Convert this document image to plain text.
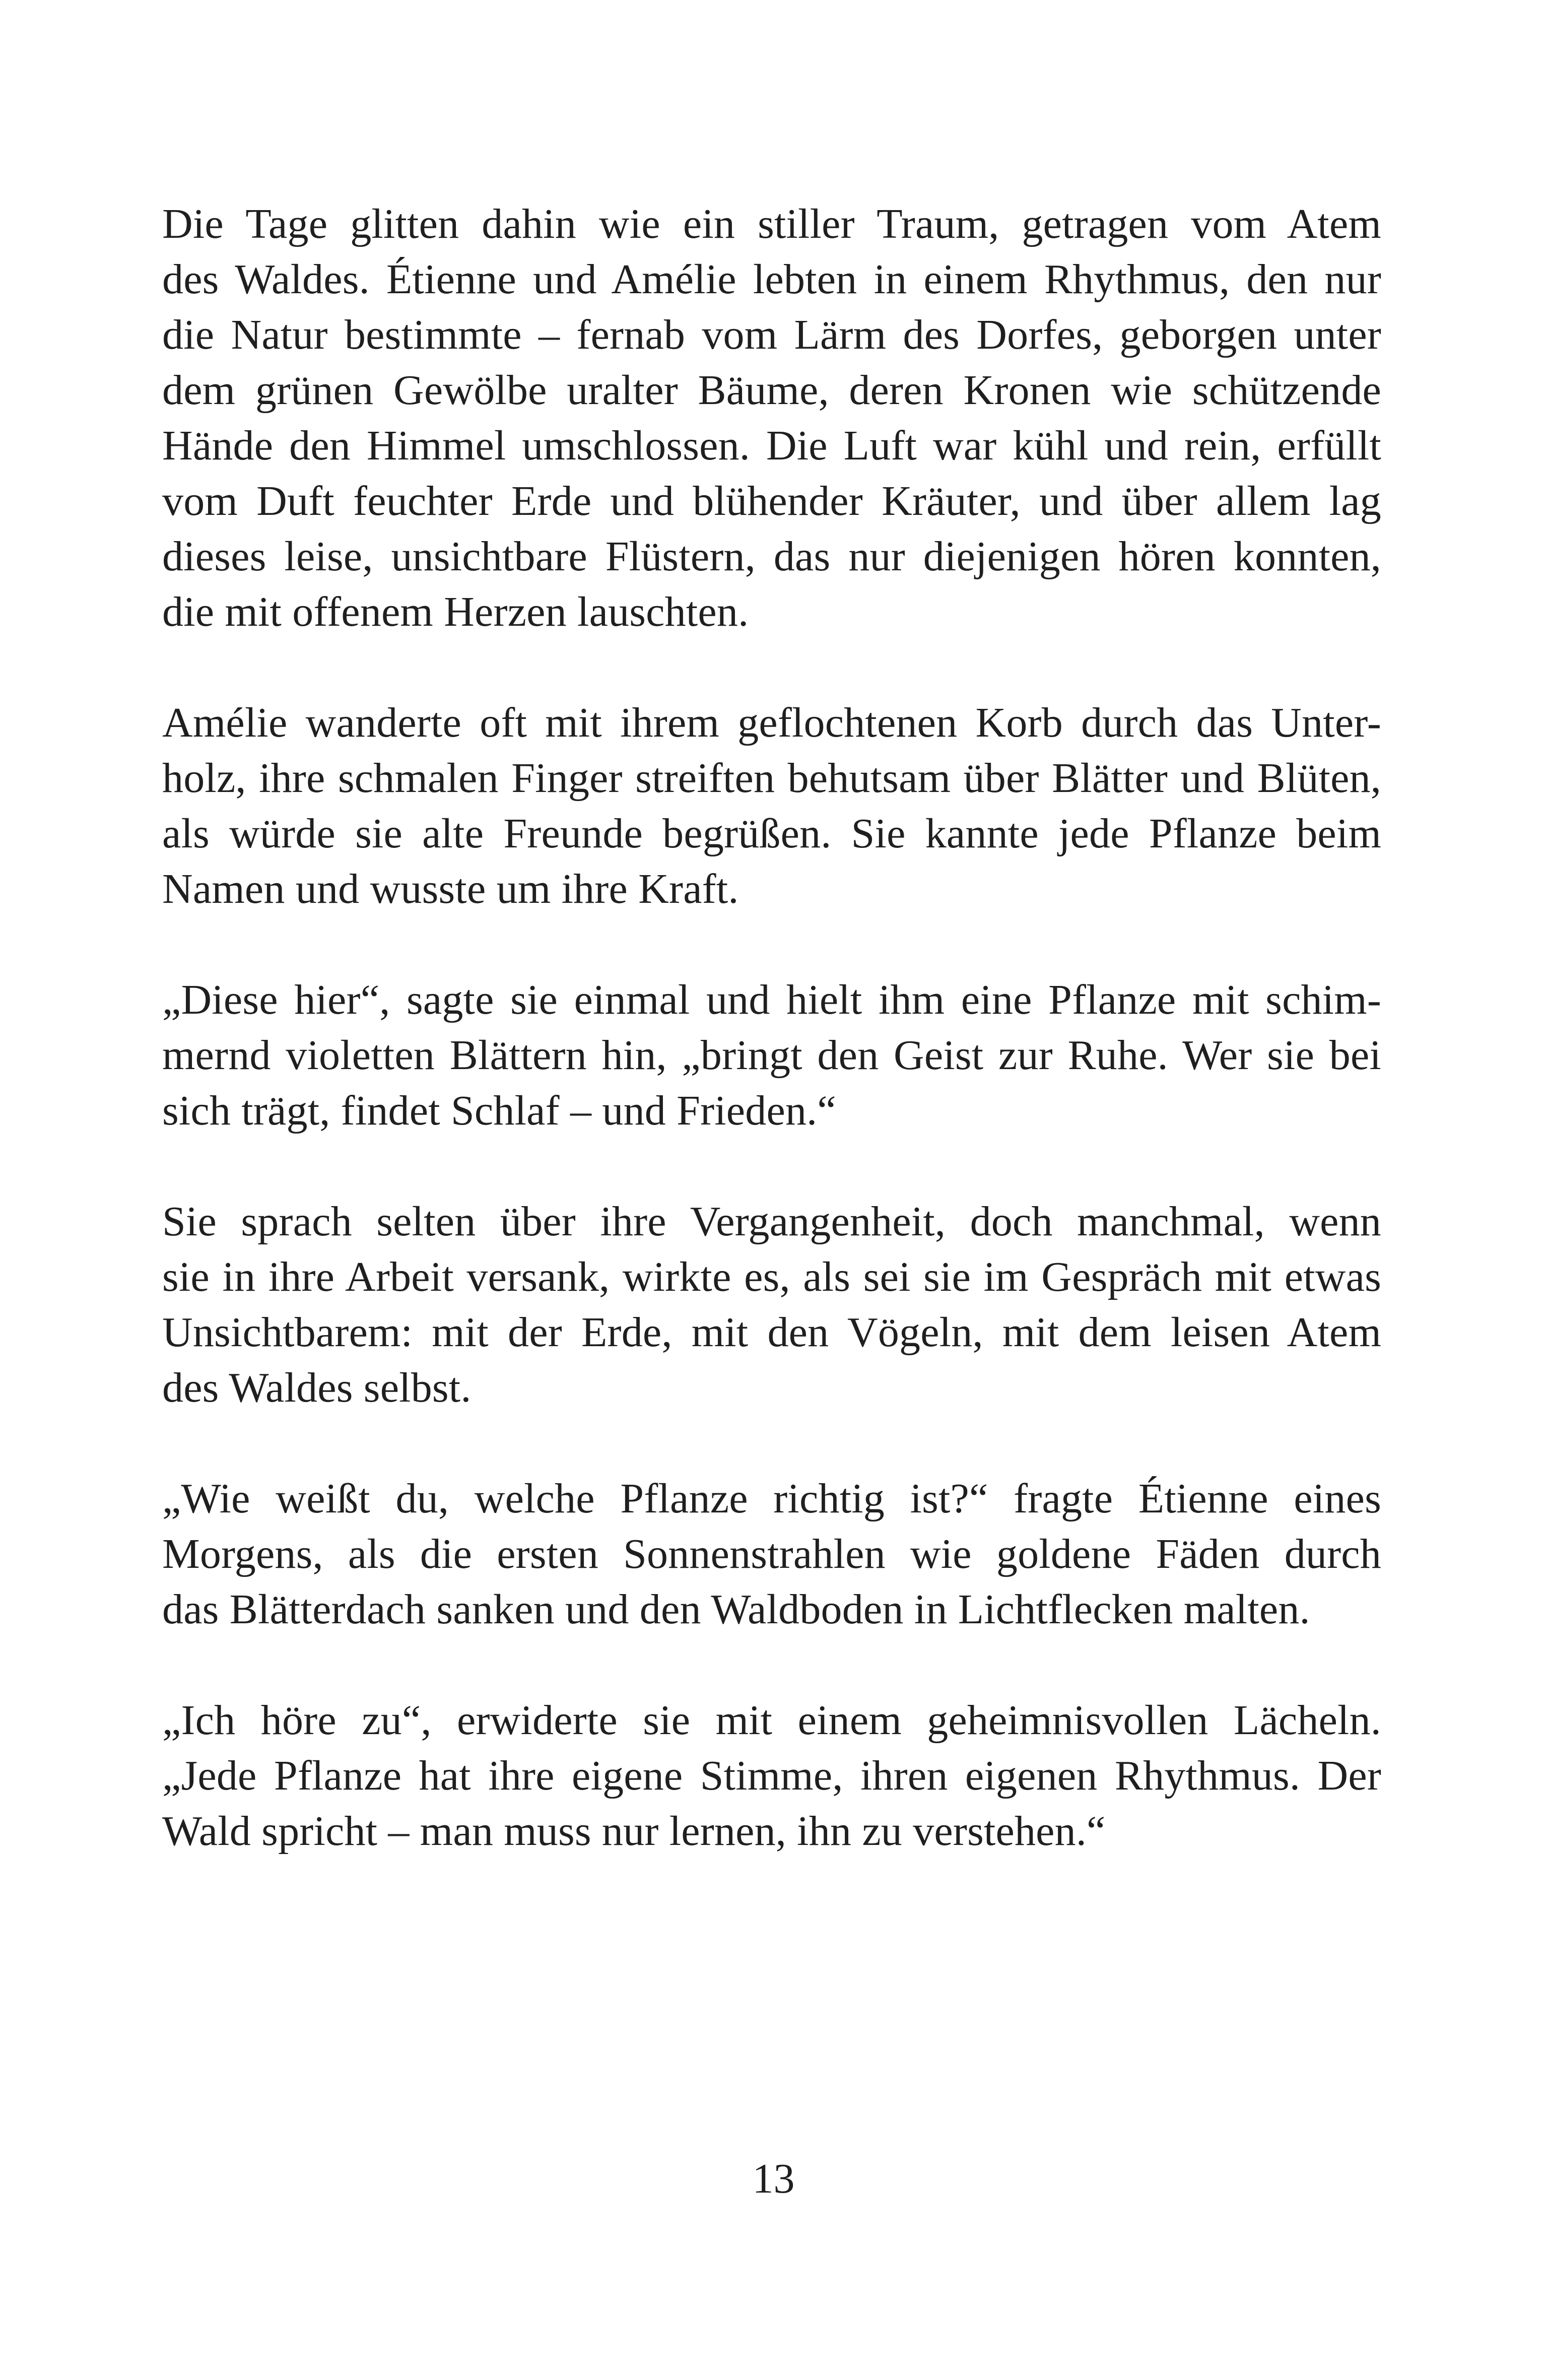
Die Tage glitten dahin wie ein stiller Traum, getragen vom Atem
des Waldes. Étienne und Amélie lebten in einem Rhythmus, den nur
die Natur bestimmte – fernab vom Lärm des Dorfes, geborgen unter
dem grünen Gewölbe uralter Bäume, deren Kronen wie schützende
Hände den Himmel umschlossen. Die Luft war kühl und rein, erfüllt
vom Duft feuchter Erde und blühender Kräuter, und über allem lag
dieses leise, unsichtbare Flüstern, das nur diejenigen hören konnten,
die mit offenem Herzen lauschten.

Amélie wanderte oft mit ihrem geflochtenen Korb durch das Unter-
holz, ihre schmalen Finger streiften behutsam über Blätter und Blüten,
als würde sie alte Freunde begrüßen. Sie kannte jede Pflanze beim
Namen und wusste um ihre Kraft.

„Diese hier“, sagte sie einmal und hielt ihm eine Pflanze mit schim-
mernd violetten Blättern hin, „bringt den Geist zur Ruhe. Wer sie bei
sich trägt, findet Schlaf – und Frieden.“

Sie sprach selten über ihre Vergangenheit, doch manchmal, wenn
sie in ihre Arbeit versank, wirkte es, als sei sie im Gespräch mit etwas
Unsichtbarem: mit der Erde, mit den Vögeln, mit dem leisen Atem
des Waldes selbst.

„Wie weißt du, welche Pflanze richtig ist?“ fragte Étienne eines
Morgens, als die ersten Sonnenstrahlen wie goldene Fäden durch
das Blätterdach sanken und den Waldboden in Lichtflecken malten.

„Ich höre zu“, erwiderte sie mit einem geheimnisvollen Lächeln.
„Jede Pflanze hat ihre eigene Stimme, ihren eigenen Rhythmus. Der
Wald spricht – man muss nur lernen, ihn zu verstehen.“

13
